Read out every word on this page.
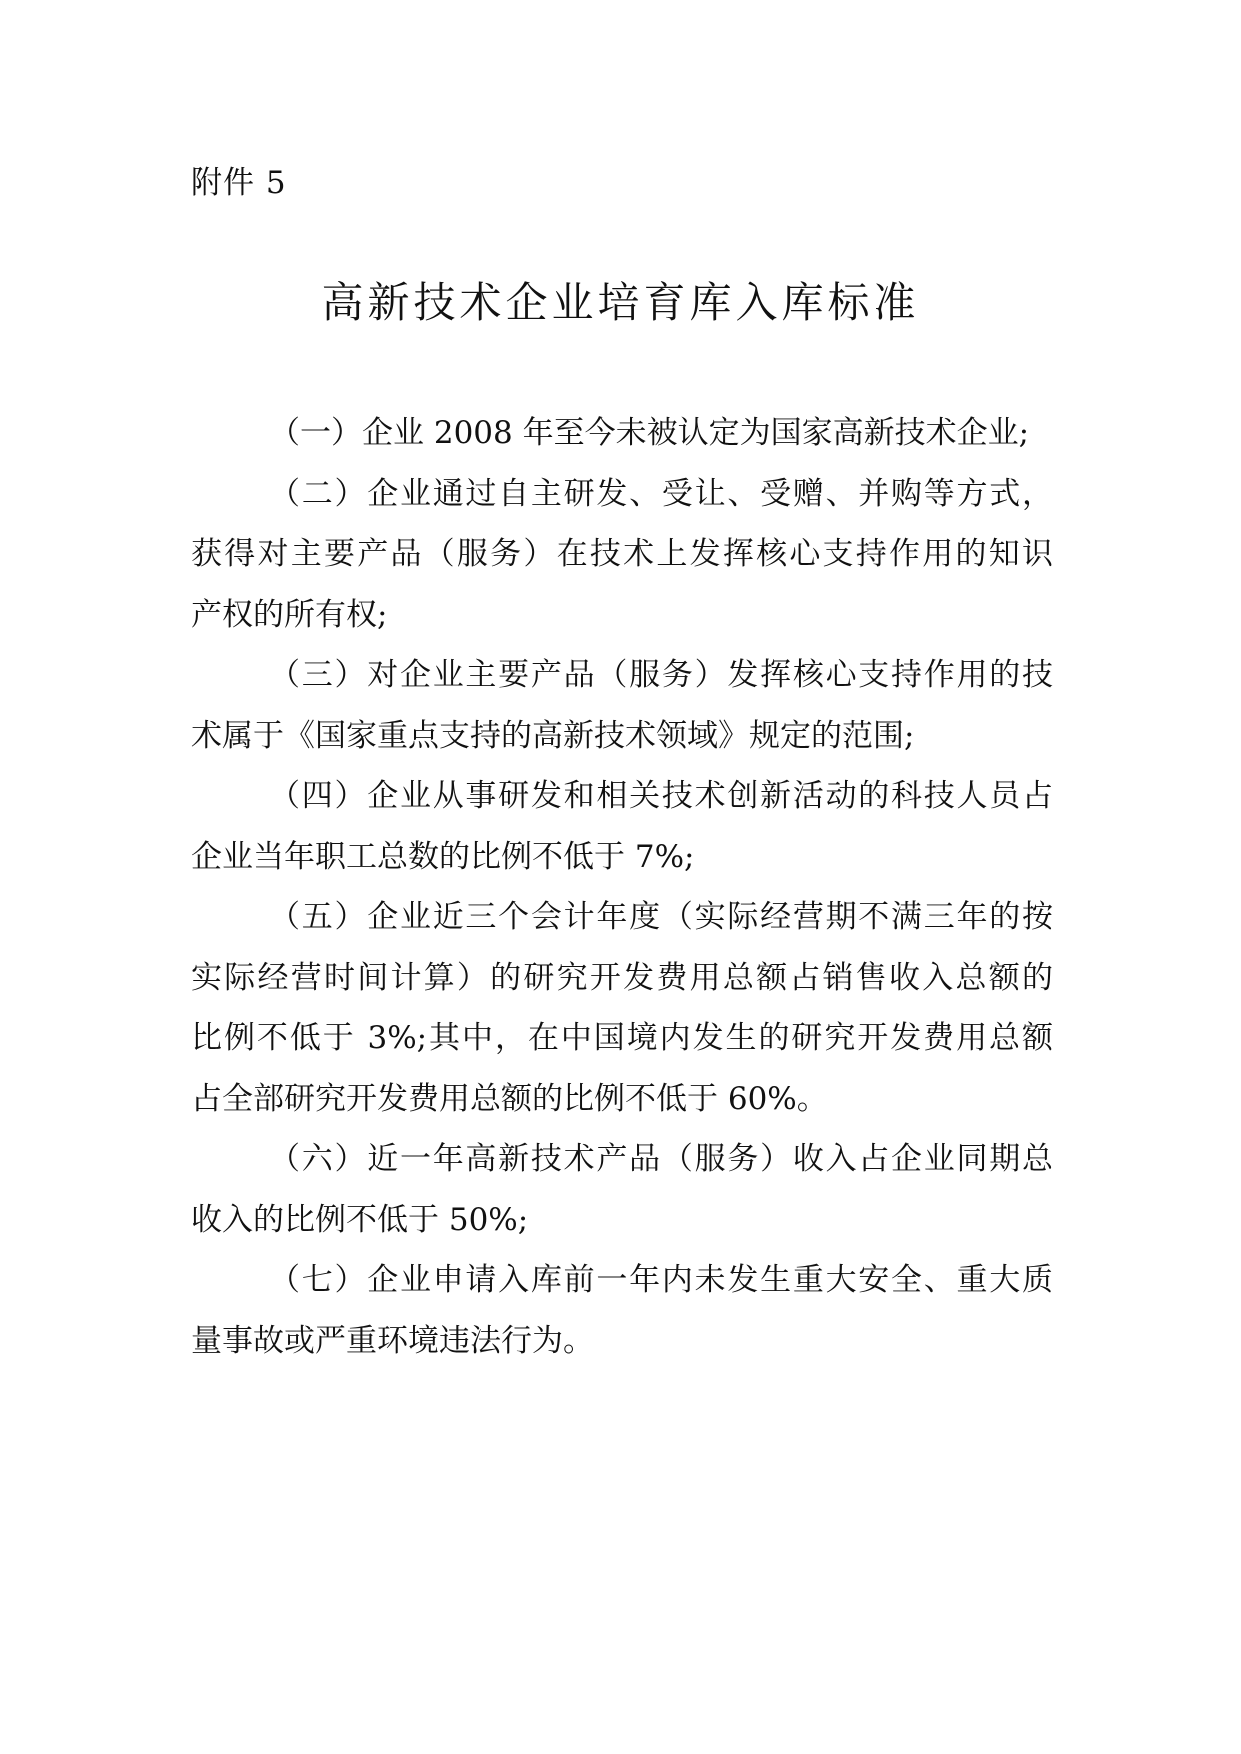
附件 5
高新技术企业培育库入库标准
（一）企业 2008 年至今未被认定为国家高新技术企业;
（二）企业通过自主研发、受让、受赠、并购等方式，
获得对主要产品（服务）在技术上发挥核心支持作用的知识
产权的所有权;
（三）对企业主要产品（服务）发挥核心支持作用的技
术属于《国家重点支持的高新技术领域》规定的范围;
（四）企业从事研发和相关技术创新活动的科技人员占
企业当年职工总数的比例不低于 7%;
（五）企业近三个会计年度（实际经营期不满三年的按
实际经营时间计算）的研究开发费用总额占销售收入总额的
比例不低于 3%;其中，在中国境内发生的研究开发费用总额
占全部研究开发费用总额的比例不低于 60%。
（六）近一年高新技术产品（服务）收入占企业同期总
收入的比例不低于 50%;
（七）企业申请入库前一年内未发生重大安全、重大质
量事故或严重环境违法行为。
